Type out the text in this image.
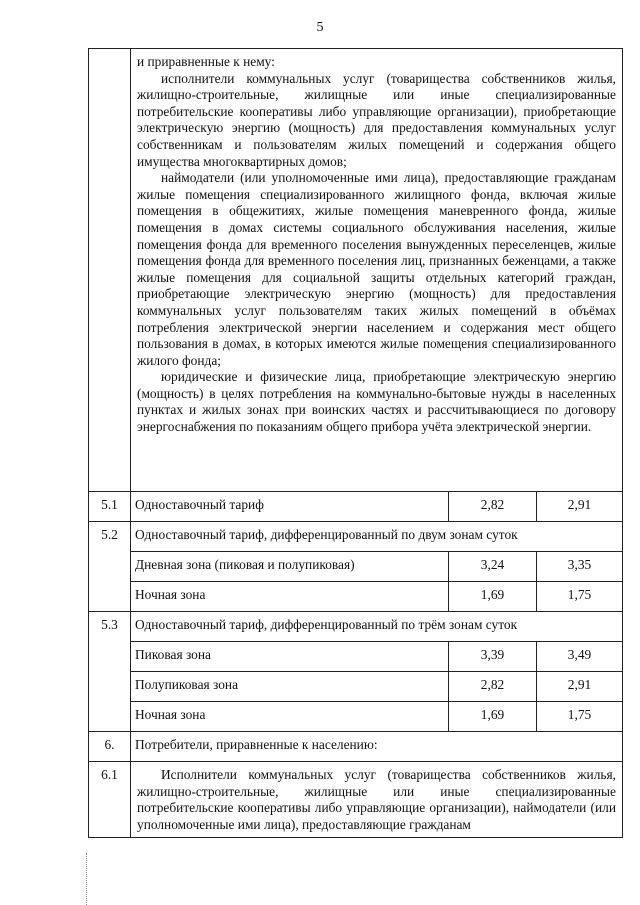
5

	и приравненные к нему:

исполнители коммунальных услуг (товарищества собственников жилья, жилищно-строительные, жилищные или иные специализированные потребительские кооперативы либо управляющие организации), приобретающие электрическую энергию (мощность) для предоставления коммунальных услуг собственникам и пользователям жилых помещений и содержания общего имущества многоквартирных домов;

наймодатели (или уполномоченные ими лица), предоставляющие гражданам жилые помещения специализированного жилищного фонда, включая жилые помещения в общежитиях, жилые помещения маневренного фонда, жилые помещения в домах системы социального обслуживания населения, жилые помещения фонда для временного поселения вынужденных переселенцев, жилые помещения фонда для временного поселения лиц, признанных беженцами, а также жилые помещения для социальной защиты отдельных категорий граждан, приобретающие электрическую энергию (мощность) для предоставления коммунальных услуг пользователям таких жилых помещений в объёмах потребления электрической энергии населением и содержания мест общего пользования в домах, в которых имеются жилые помещения специализированного жилого фонда;

юридические и физические лица, приобретающие электрическую энергию (мощность) в целях потребления на коммунально-бытовые нужды в населенных пунктах и жилых зонах при воинских частях и рассчитывающиеся по договору энергоснабжения по показаниям общего прибора учёта электрической энергии.		

5.1	Одноставочный тариф	2,82	2,91
5.2	Одноставочный тариф, дифференцированный по двум зонам суток		
	Дневная зона (пиковая и полупиковая)	3,24	3,35
	Ночная зона	1,69	1,75
5.3	Одноставочный тариф, дифференцированный по трём зонам суток		
	Пиковая зона	3,39	3,49
	Полупиковая зона	2,82	2,91
	Ночная зона	1,69	1,75
6.	Потребители, приравненные к населению:		
6.1	Исполнители коммунальных услуг (товарищества собственников жилья, жилищно-строительные, жилищные или иные специализированные потребительские кооперативы либо управляющие организации), наймодатели (или уполномоченные ими лица), предоставляющие гражданам		
